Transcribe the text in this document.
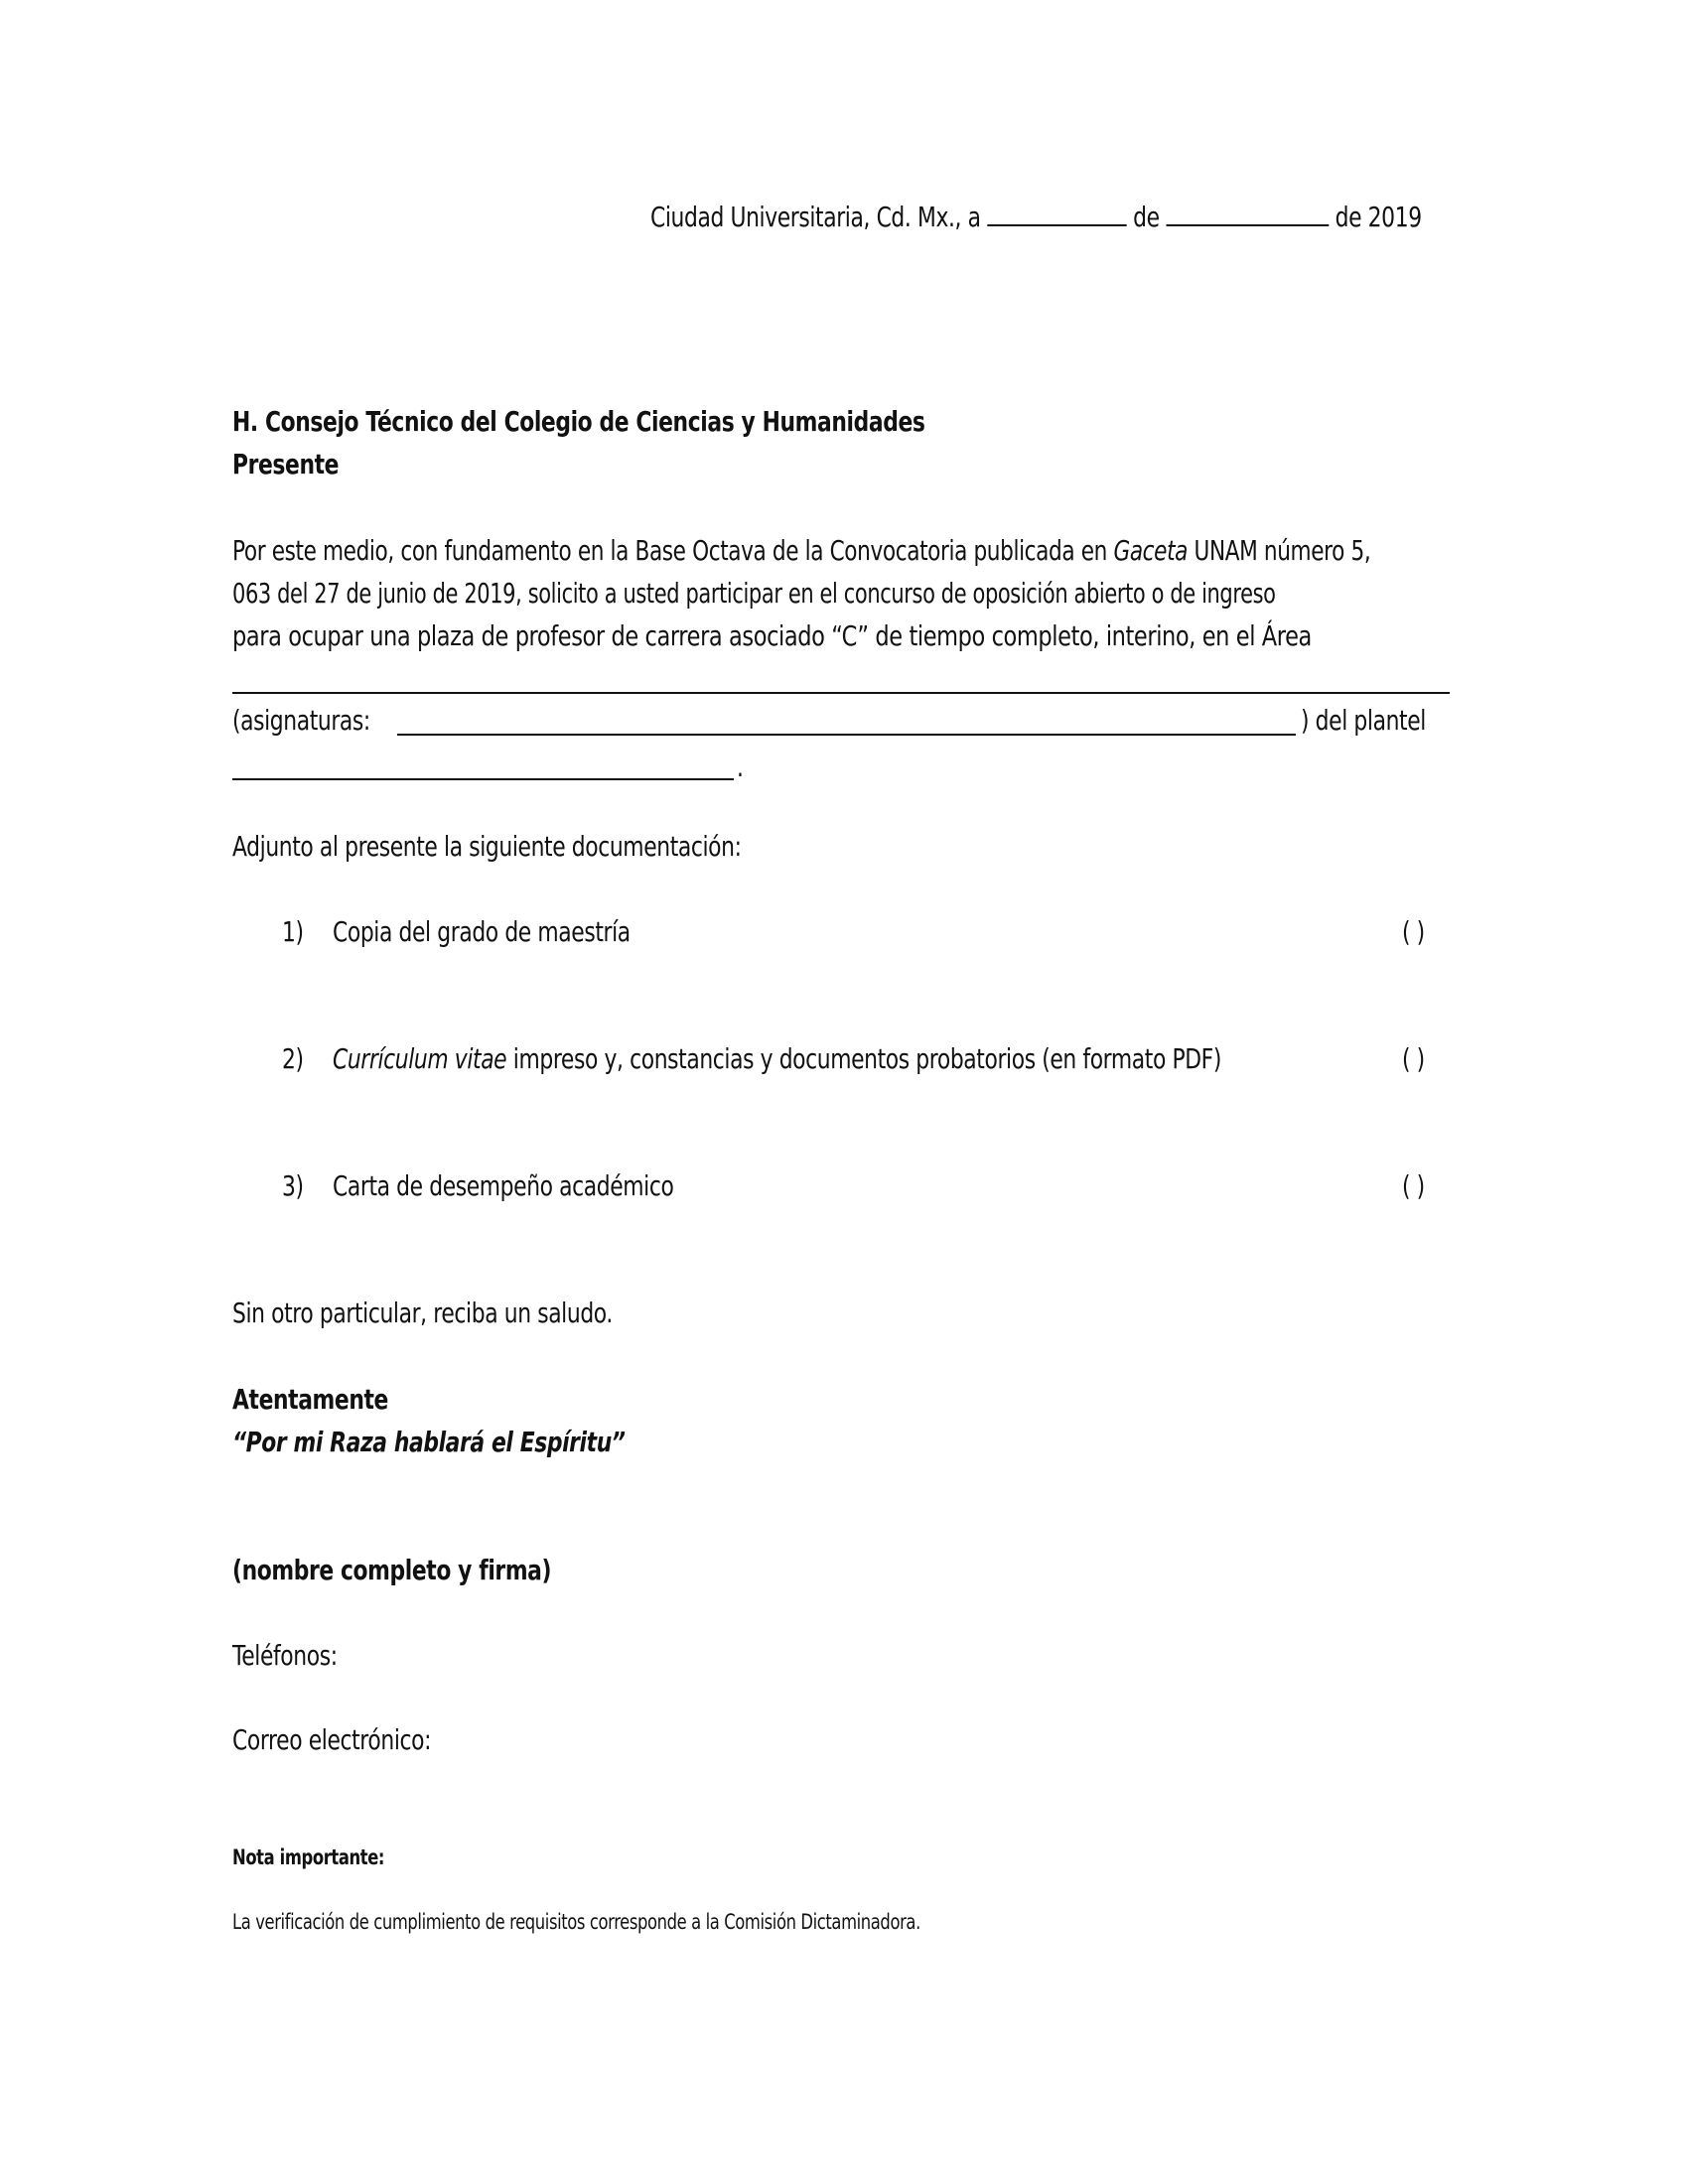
Ciudad Universitaria, Cd. Mx., a	de	de 2019
H. Consejo Técnico del Colegio de Ciencias y Humanidades
Presente
Por este medio, con fundamento en la Base Octava de la Convocatoria publicada en Gaceta UNAM número 5,
063 del 27 de junio de 2019, solicito a usted participar en el concurso de oposición abierto o de ingreso
para ocupar una plaza de profesor de carrera asociado “C” de tiempo completo, interino, en el Área
(asignaturas:	) del plantel
.
Adjunto al presente la siguiente documentación:
1) Copia del grado de maestría	( )
2) Currículum vitae impreso y, constancias y documentos probatorios (en formato PDF)	( )
3) Carta de desempeño académico	( )
Sin otro particular, reciba un saludo.
Atentamente
“Por mi Raza hablará el Espíritu”
(nombre completo y firma)
Teléfonos:
Correo electrónico:
Nota importante:
La verificación de cumplimiento de requisitos corresponde a la Comisión Dictaminadora.
